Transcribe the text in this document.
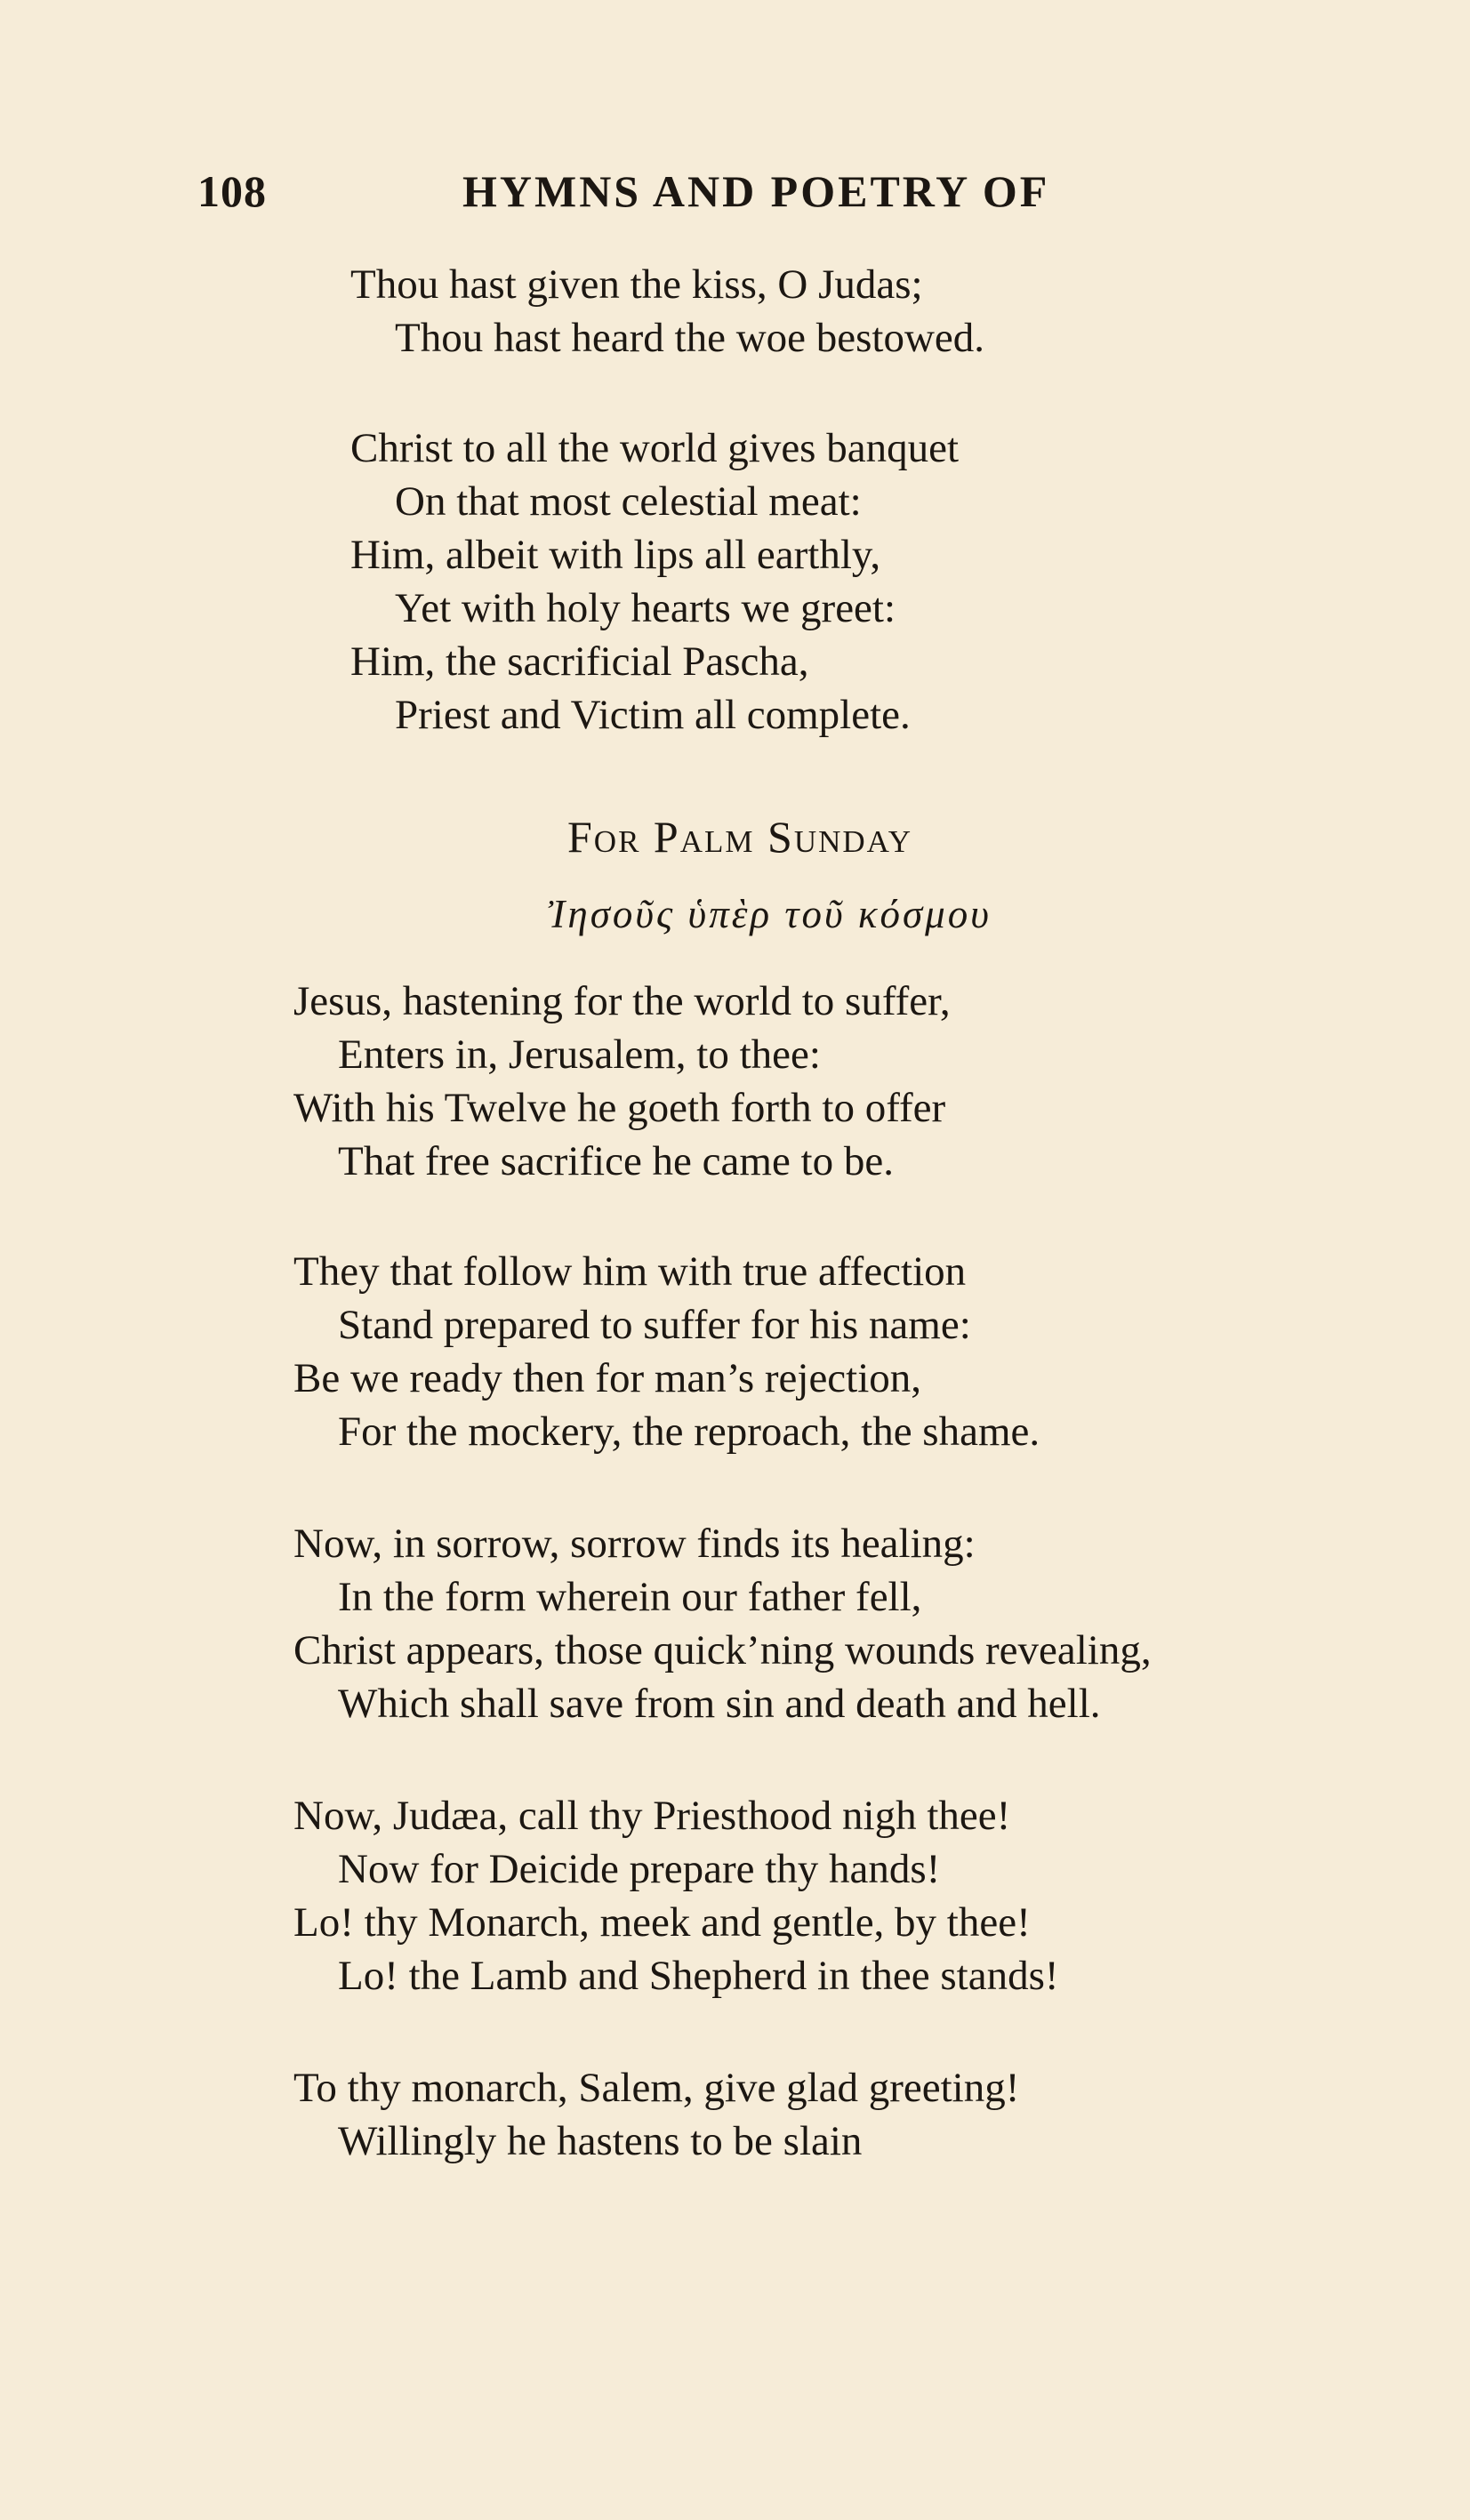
108	HYMNS AND POETRY OF
Thou hast given the kiss, O Judas;
Thou hast heard the woe bestowed.
Christ to all the world gives banquet
On that most celestial meat:
Him, albeit with lips all earthly,
Yet with holy hearts we greet:
Him, the sacrificial Pascha,
Priest and Victim all complete.
For Palm Sunday
Ἰησοῦς ὑπὲρ τοῦ κόσμου
Jesus, hastening for the world to suffer,
Enters in, Jerusalem, to thee:
With his Twelve he goeth forth to offer
That free sacrifice he came to be.
They that follow him with true affection
Stand prepared to suffer for his name:
Be we ready then for man’s rejection,
For the mockery, the reproach, the shame.
Now, in sorrow, sorrow finds its healing:
In the form wherein our father fell,
Christ appears, those quick’ning wounds revealing,
Which shall save from sin and death and hell.
Now, Judæa, call thy Priesthood nigh thee!
Now for Deicide prepare thy hands!
Lo! thy Monarch, meek and gentle, by thee!
Lo! the Lamb and Shepherd in thee stands!
To thy monarch, Salem, give glad greeting!
Willingly he hastens to be slain
